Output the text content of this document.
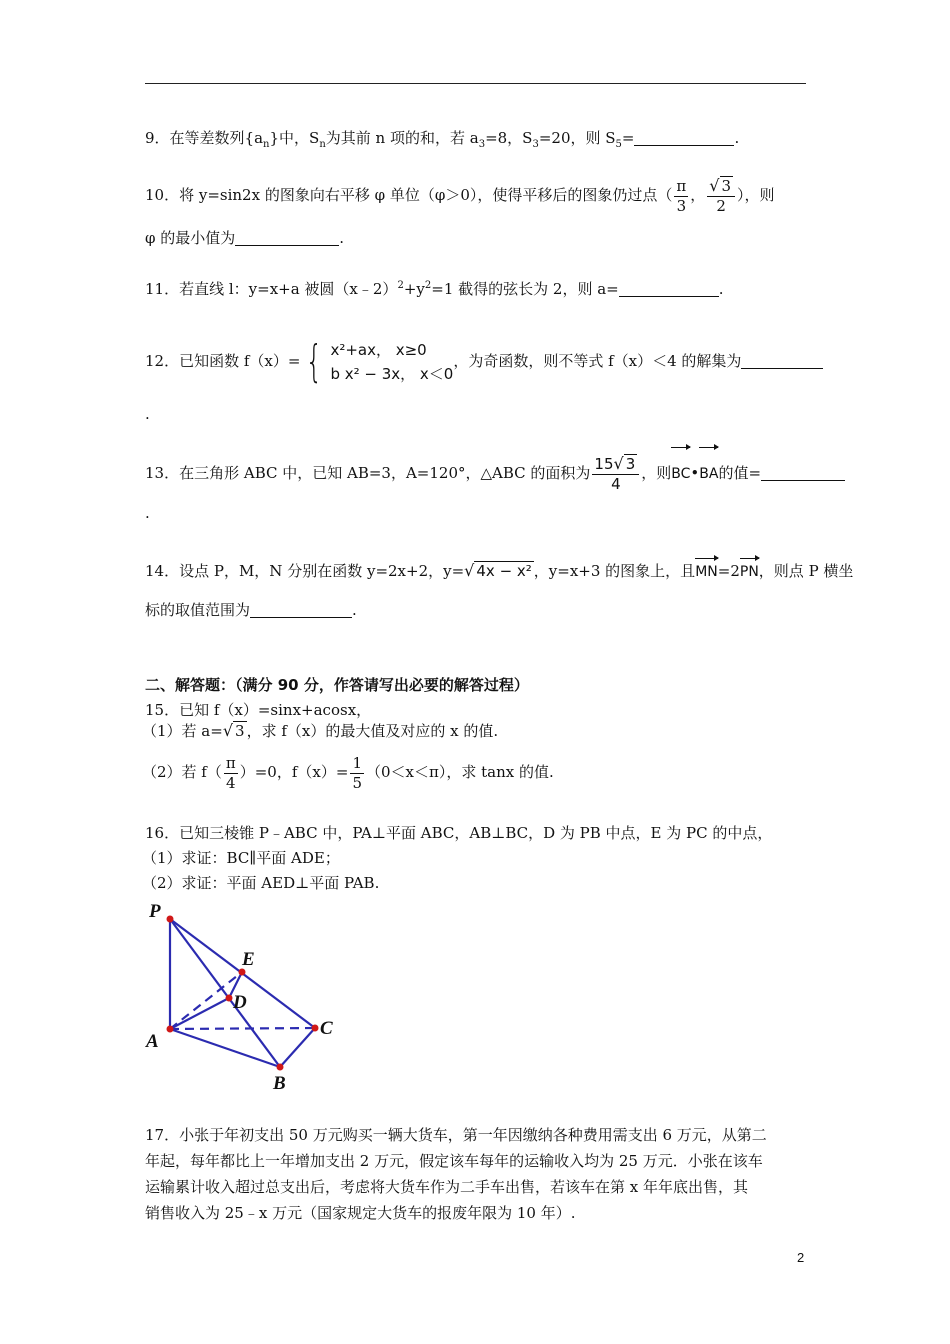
9．在等差数列$\{a_n\}$中，$S_n$为其前 n 项的和，若 $a_3=8$，$S_3=20$，则 $S_5=$	.
10．将 y=sin2x 的图象向右平移 φ 单位（φ＞0），使得平移后的图象仍过点（ $\frac{\pi}{3}$ ， $\frac{√ 3}{2}$ ），则
φ 的最小值为	.
11．若直线 l：y=x+a 被圆$(x﹣2)^2+y^2=1$ 截得的弦长为 2，则 a=	.
12．已知函数 f（x）= { x²+ax， x≥0
b x² − 3x， x＜0
，为奇函数，则不等式 f（x）＜4 的解集为
.
13．在三角形 ABC 中，已知 AB=3，A=120°，△ABC 的面积为 $\frac{15√ 3}{4}$ ，则BC•BA的值=
.
14．设点 P，M，N 分别在函数 y=2x+2，y=√ 4x − x² ，y=x+3 的图象上，且MN=2PN，则点 P 横坐
标的取值范围为	.
二、解答题：（满分 90 分，作答请写出必要的解答过程）
15．已知 f（x）=sinx+acosx，
（1）若 a=√ 3 ，求 f（x）的最大值及对应的 x 的值.
（2）若 $f( \frac{\pi}{4} )=0$，$f(x)= \frac{1}{5} (0<x<\pi)$，求 tanx 的值.
16．已知三棱锥 P﹣ABC 中，PA⊥平面 ABC，AB⊥BC，D 为 PB 中点，E 为 PC 的中点，
（1）求证：BC∥平面 ADE；
（2）求证：平面 AED⊥平面 PAB.
P
E
D
A
C
B
17．小张于年初支出 50 万元购买一辆大货车，第一年因缴纳各种费用需支出 6 万元，从第二
年起，每年都比上一年增加支出 2 万元，假定该车每年的运输收入均为 25 万元．小张在该车
运输累计收入超过总支出后，考虑将大货车作为二手车出售，若该车在第 x 年年底出售，其
销售收入为 25﹣x 万元（国家规定大货车的报废年限为 10 年）.
2
